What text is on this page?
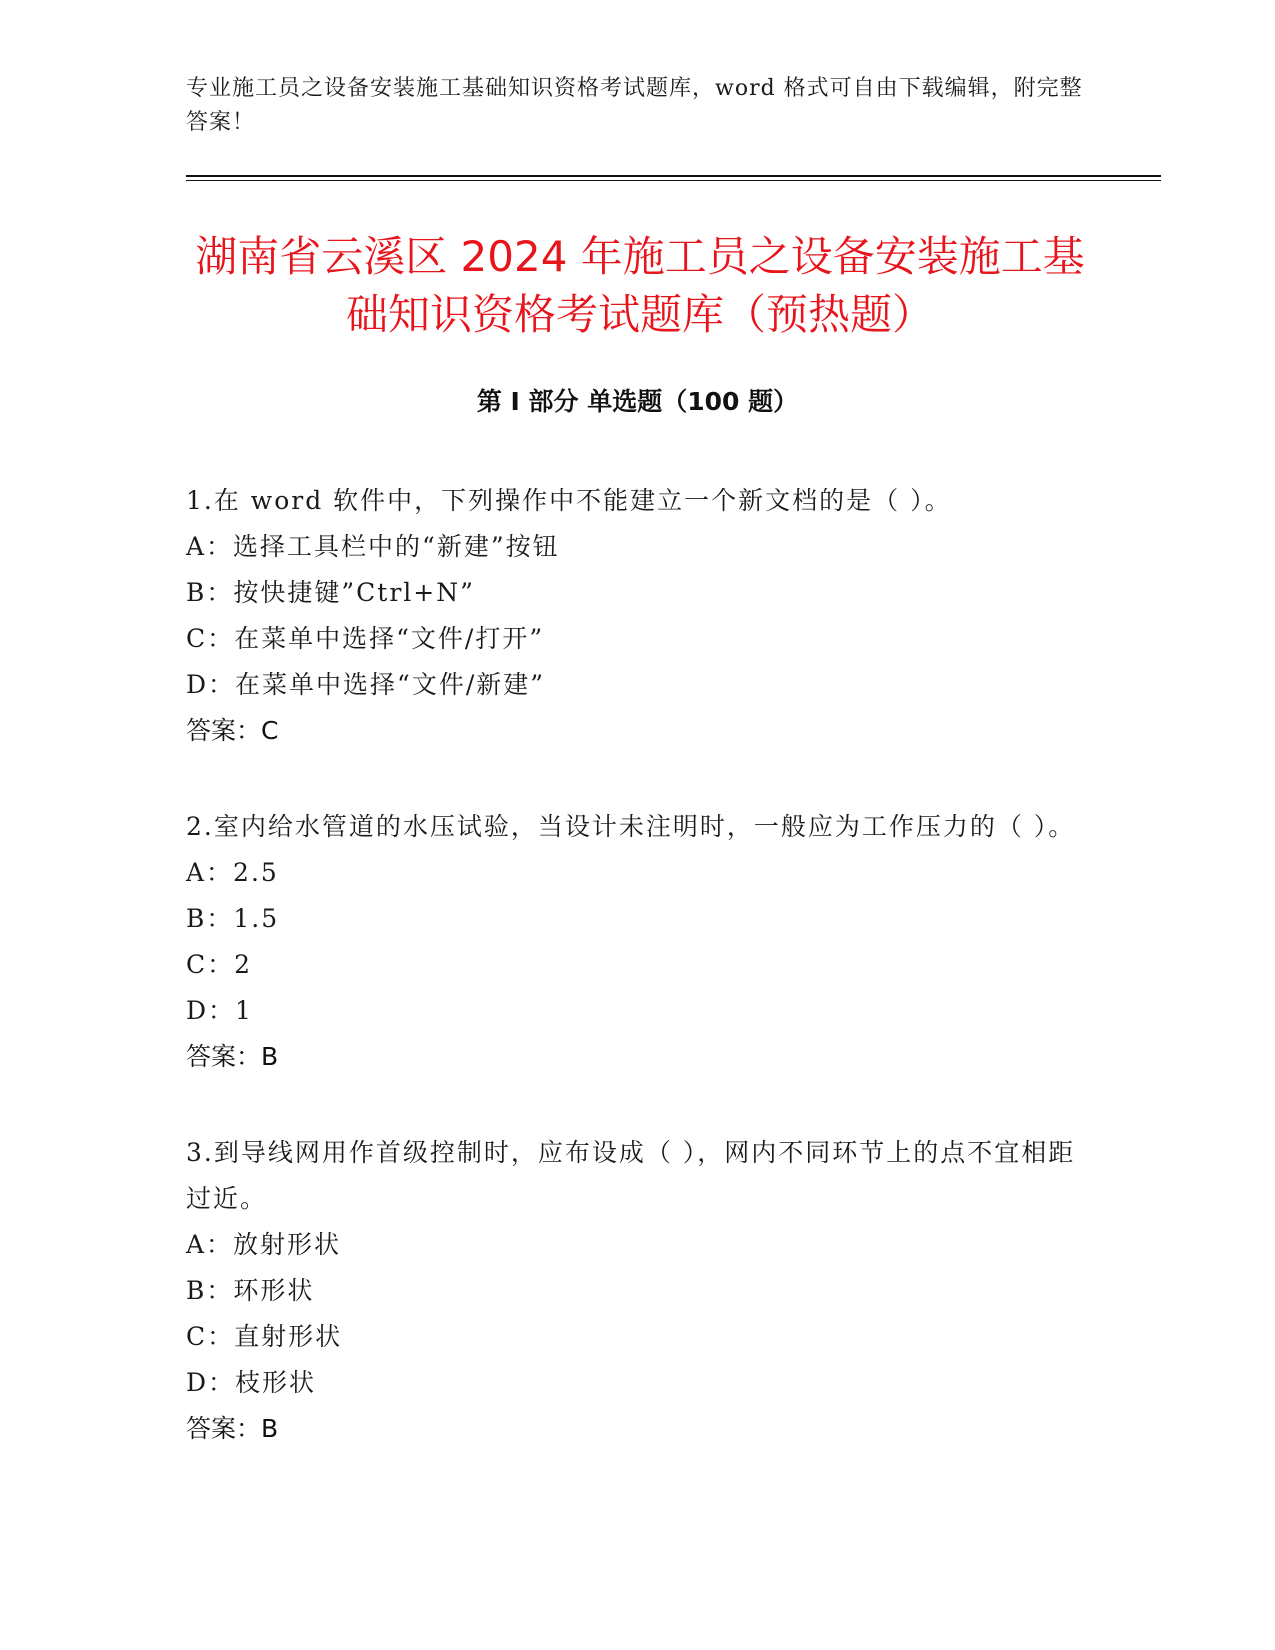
专业施工员之设备安装施工基础知识资格考试题库，word 格式可自由下载编辑，附完整答案！
湖南省云溪区 2024 年施工员之设备安装施工基础知识资格考试题库（预热题）
第 I 部分 单选题（100 题）

1.在 word 软件中，下列操作中不能建立一个新文档的是（ ）。

A：选择工具栏中的“新建”按钮

B：按快捷键”Ctrl+N”

C：在菜单中选择“文件/打开”

D：在菜单中选择“文件/新建”

答案：C

2.室内给水管道的水压试验，当设计未注明时，一般应为工作压力的（ ）。

A：2.5

B：1.5

C：2

D：1

答案：B

3.到导线网用作首级控制时，应布设成（ ），网内不同环节上的点不宜相距过近。

A：放射形状

B：环形状

C：直射形状

D：枝形状

答案：B
